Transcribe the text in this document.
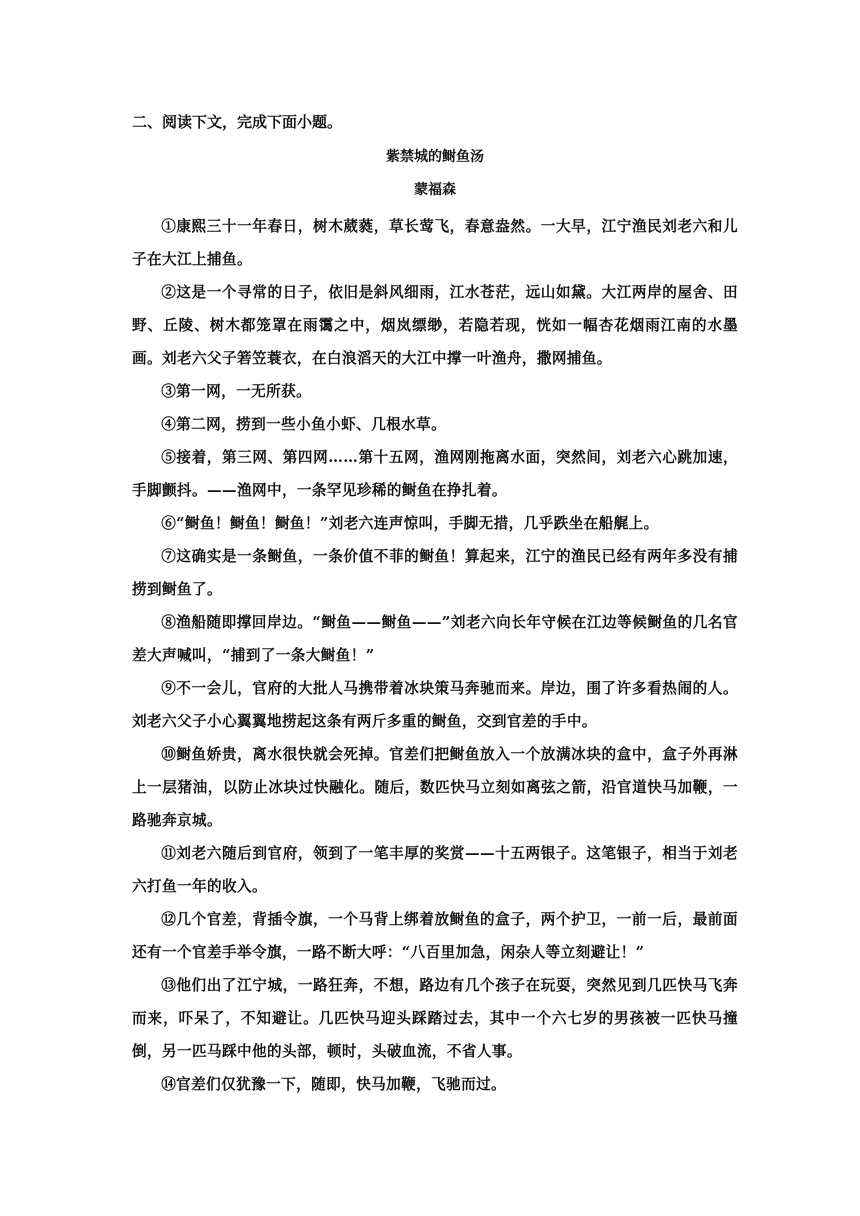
二、阅读下文，完成下面小题。
紫禁城的鲥鱼汤
蒙福森

①康熙三十一年春日，树木葳蕤，草长莺飞，春意盎然。一大早，江宁渔民刘老六和儿子在大江上捕鱼。

②这是一个寻常的日子，依旧是斜风细雨，江水苍茫，远山如黛。大江两岸的屋舍、田野、丘陵、树木都笼罩在雨霭之中，烟岚缥缈，若隐若现，恍如一幅杏花烟雨江南的水墨画。刘老六父子箬笠蓑衣，在白浪滔天的大江中撑一叶渔舟，撒网捕鱼。

③第一网，一无所获。

④第二网，捞到一些小鱼小虾、几根水草。

⑤接着，第三网、第四网……第十五网，渔网刚拖离水面，突然间，刘老六心跳加速，手脚颤抖。——渔网中，一条罕见珍稀的鲥鱼在挣扎着。

⑥“鲥鱼！鲥鱼！鲥鱼！”刘老六连声惊叫，手脚无措，几乎跌坐在船艉上。

⑦这确实是一条鲥鱼，一条价值不菲的鲥鱼！算起来，江宁的渔民已经有两年多没有捕捞到鲥鱼了。

⑧渔船随即撑回岸边。“鲥鱼——鲥鱼——”刘老六向长年守候在江边等候鲥鱼的几名官差大声喊叫，“捕到了一条大鲥鱼！”

⑨不一会儿，官府的大批人马携带着冰块策马奔驰而来。岸边，围了许多看热闹的人。刘老六父子小心翼翼地捞起这条有两斤多重的鲥鱼，交到官差的手中。

⑩鲥鱼娇贵，离水很快就会死掉。官差们把鲥鱼放入一个放满冰块的盒中，盒子外再淋上一层猪油，以防止冰块过快融化。随后，数匹快马立刻如离弦之箭，沿官道快马加鞭，一路驰奔京城。

⑪刘老六随后到官府，领到了一笔丰厚的奖赏——十五两银子。这笔银子，相当于刘老六打鱼一年的收入。

⑫几个官差，背插令旗，一个马背上绑着放鲥鱼的盒子，两个护卫，一前一后，最前面还有一个官差手举令旗，一路不断大呼：“八百里加急，闲杂人等立刻避让！”

⑬他们出了江宁城，一路狂奔，不想，路边有几个孩子在玩耍，突然见到几匹快马飞奔而来，吓呆了，不知避让。几匹快马迎头踩踏过去，其中一个六七岁的男孩被一匹快马撞倒，另一匹马踩中他的头部，顿时，头破血流，不省人事。

⑭官差们仅犹豫一下，随即，快马加鞭，飞驰而过。
